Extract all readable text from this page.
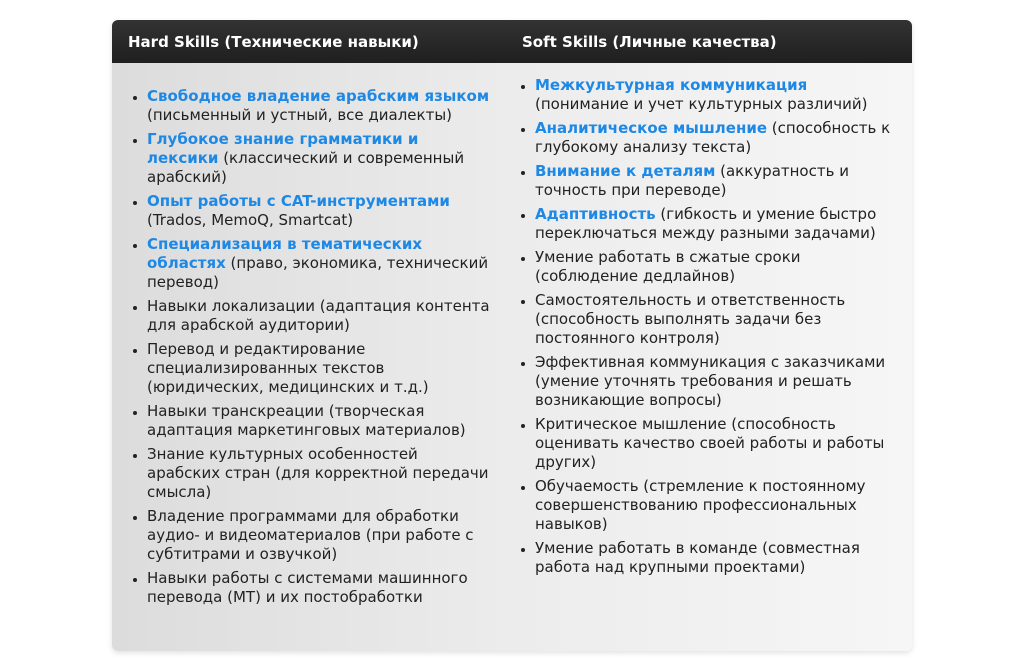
Hard Skills (Технические навыки)	Soft Skills (Личные качества)
• Свободное владение арабским языком (письменный и устный, все диалекты)
• Глубокое знание грамматики и лексики (классический и современный арабский)
• Опыт работы с CAT-инструментами (Trados, MemoQ, Smartcat)
• Специализация в тематических областях (право, экономика, технический перевод)
• Навыки локализации (адаптация контента для арабской аудитории)
• Перевод и редактирование специализированных текстов (юридических, медицинских и т.д.)
• Навыки транскреации (творческая адаптация маркетинговых материалов)
• Знание культурных особенностей арабских стран (для корректной передачи смысла)
• Владение программами для обработки аудио- и видеоматериалов (при работе с субтитрами и озвучкой)
• Навыки работы с системами машинного перевода (MT) и их постобработки
• Межкультурная коммуникация (понимание и учет культурных различий)
• Аналитическое мышление (способность к глубокому анализу текста)
• Внимание к деталям (аккуратность и точность при переводе)
• Адаптивность (гибкость и умение быстро переключаться между разными задачами)
• Умение работать в сжатые сроки (соблюдение дедлайнов)
• Самостоятельность и ответственность (способность выполнять задачи без постоянного контроля)
• Эффективная коммуникация с заказчиками (умение уточнять требования и решать возникающие вопросы)
• Критическое мышление (способность оценивать качество своей работы и работы других)
• Обучаемость (стремление к постоянному совершенствованию профессиональных навыков)
• Умение работать в команде (совместная работа над крупными проектами)
